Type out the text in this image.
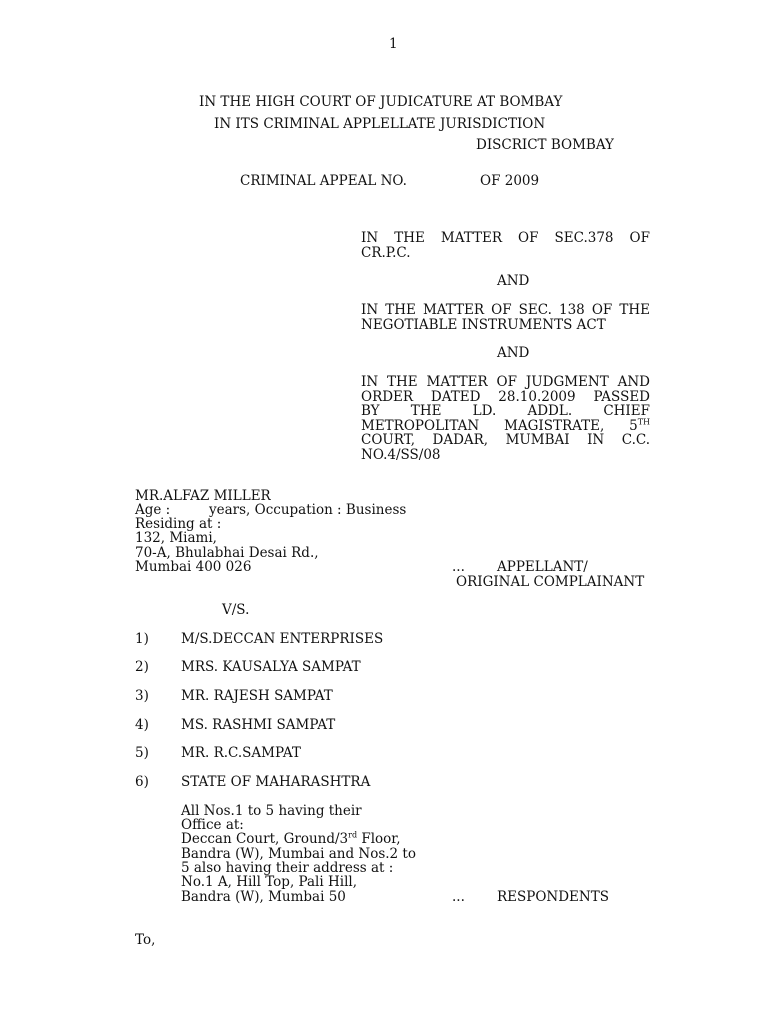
1
IN THE HIGH COURT OF JUDICATURE AT BOMBAY
IN ITS CRIMINAL APPLELLATE JURISDICTION
DISCRICT BOMBAY
CRIMINAL APPEAL NO.	OF 2009
IN THE MATTER OF SEC.378 OF
CR.P.C.
AND
IN THE MATTER OF SEC. 138 OF THE
NEGOTIABLE INSTRUMENTS ACT
AND
IN THE MATTER OF JUDGMENT AND
ORDER DATED 28.10.2009 PASSED
BY THE LD. ADDL. CHIEF
METROPOLITAN MAGISTRATE, 5TH
COURT, DADAR, MUMBAI IN C.C.
NO.4/SS/08
MR.ALFAZ MILLER
Age :	years, Occupation : Business
Residing at :
132, Miami,
70-A, Bhulabhai Desai Rd.,
Mumbai 400 026	... APPELLANT/
ORIGINAL COMPLAINANT
V/S.
1) M/S.DECCAN ENTERPRISES
2) MRS. KAUSALYA SAMPAT
3) MR. RAJESH SAMPAT
4) MS. RASHMI SAMPAT
5) MR. R.C.SAMPAT
6) STATE OF MAHARASHTRA
All Nos.1 to 5 having their
Office at:
Deccan Court, Ground/3rd Floor,
Bandra (W), Mumbai and Nos.2 to
5 also having their address at :
No.1 A, Hill Top, Pali Hill,
Bandra (W), Mumbai 50	... RESPONDENTS
To,
